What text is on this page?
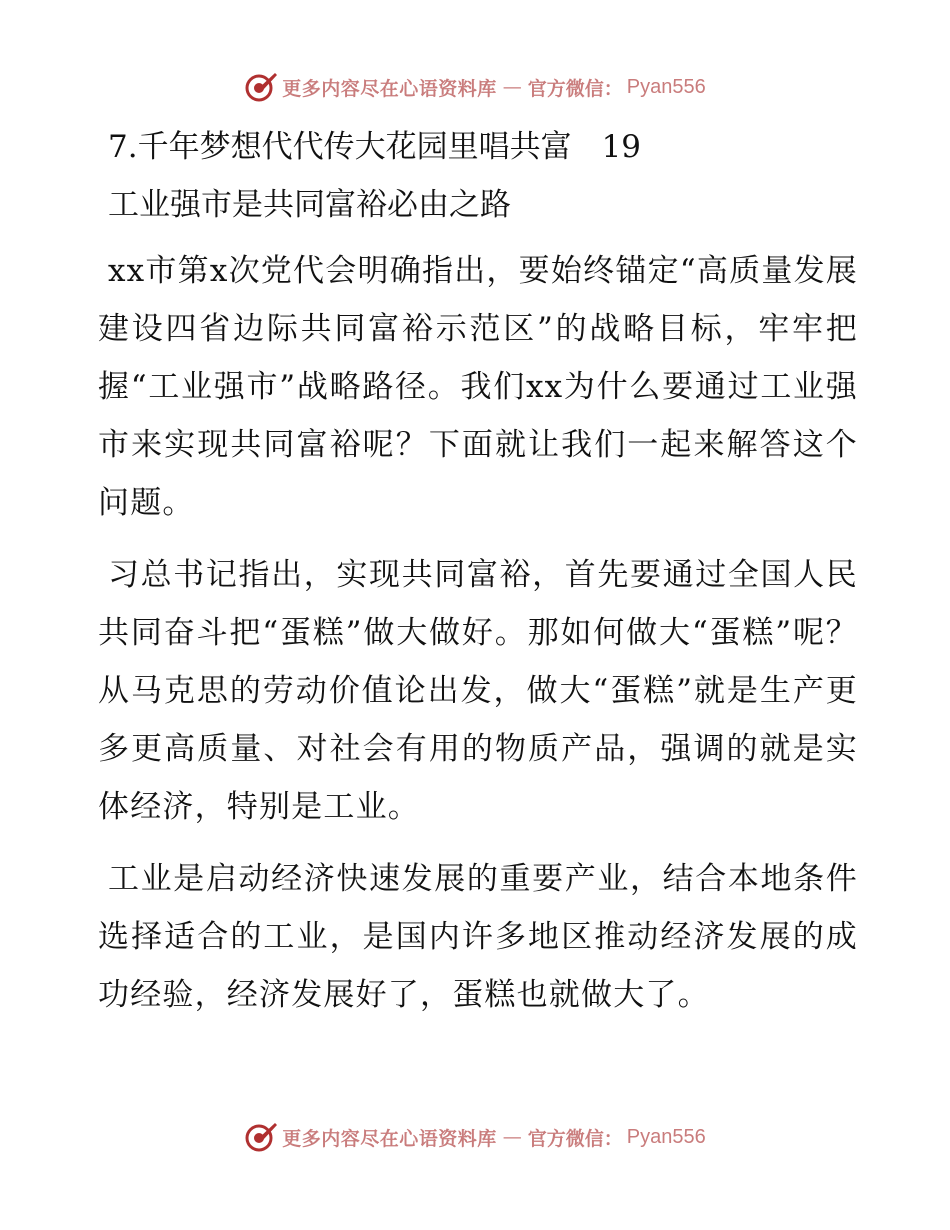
更多内容尽在心语资料库 — 官方微信： Pyan556
7.千年梦想代代传大花园里唱共富 19
工业强市是共同富裕必由之路

xx市第x次党代会明确指出，要始终锚定“高质量发展建设四省边际共同富裕示范区”的战略目标，牢牢把握“工业强市”战略路径。我们xx为什么要通过工业强市来实现共同富裕呢？下面就让我们一起来解答这个问题。

习总书记指出，实现共同富裕，首先要通过全国人民共同奋斗把“蛋糕”做大做好。那如何做大“蛋糕”呢？从马克思的劳动价值论出发，做大“蛋糕”就是生产更多更高质量、对社会有用的物质产品，强调的就是实体经济，特别是工业。

工业是启动经济快速发展的重要产业，结合本地条件选择适合的工业，是国内许多地区推动经济发展的成功经验，经济发展好了，蛋糕也就做大了。

更多内容尽在心语资料库 — 官方微信： Pyan556
